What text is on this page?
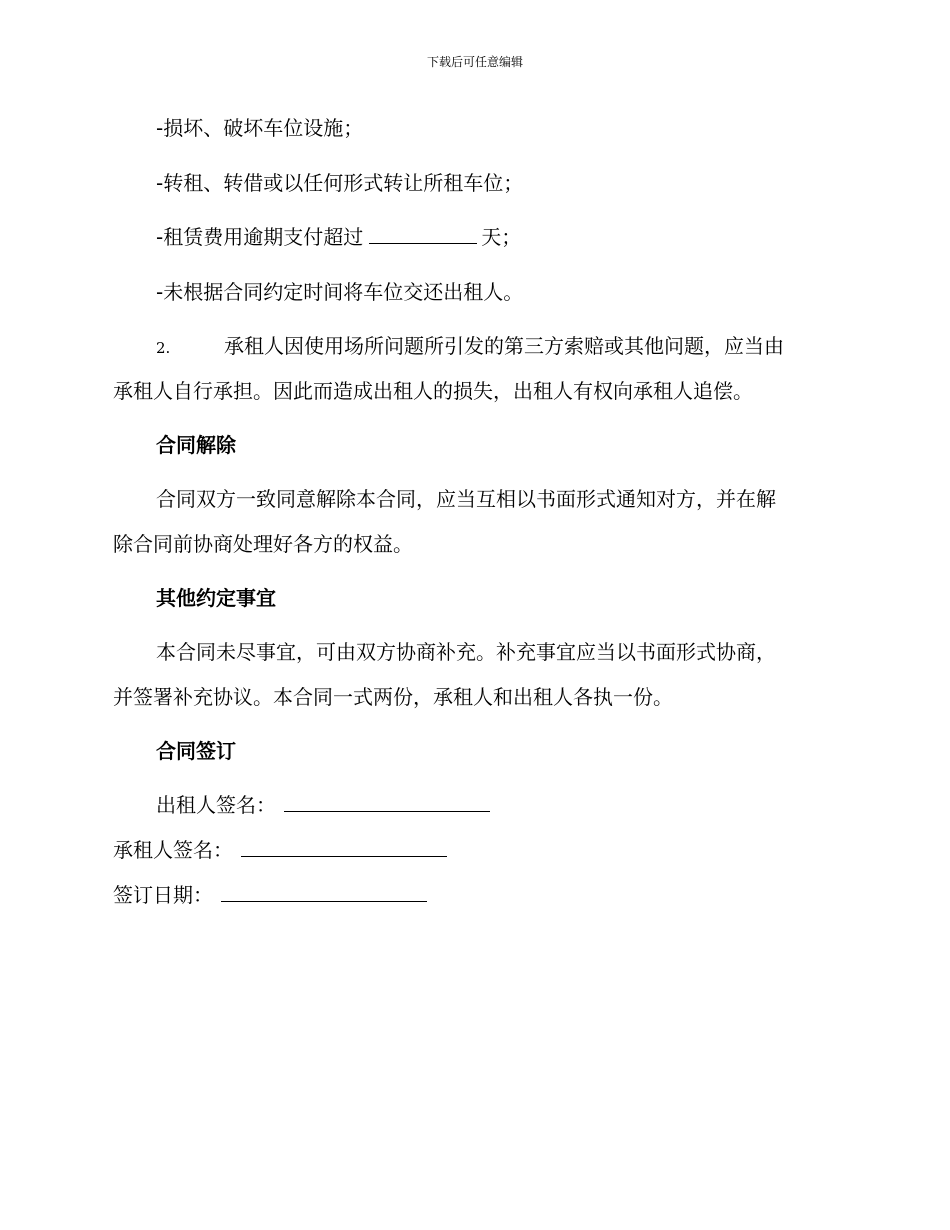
下载后可任意编辑
-损坏、破坏车位设施；
-转租、转借或以任何形式转让所租车位；
-租赁费用逾期支付超过	天；
-未根据合同约定时间将车位交还出租人。
2.	承租人因使用场所问题所引发的第三方索赔或其他问题，应当由
承租人自行承担。因此而造成出租人的损失，出租人有权向承租人追偿。
合同解除
合同双方一致同意解除本合同，应当互相以书面形式通知对方，并在解
除合同前协商处理好各方的权益。
其他约定事宜
本合同未尽事宜，可由双方协商补充。补充事宜应当以书面形式协商，
并签署补充协议。本合同一式两份，承租人和出租人各执一份。
合同签订
出租人签名：
承租人签名：
签订日期：
